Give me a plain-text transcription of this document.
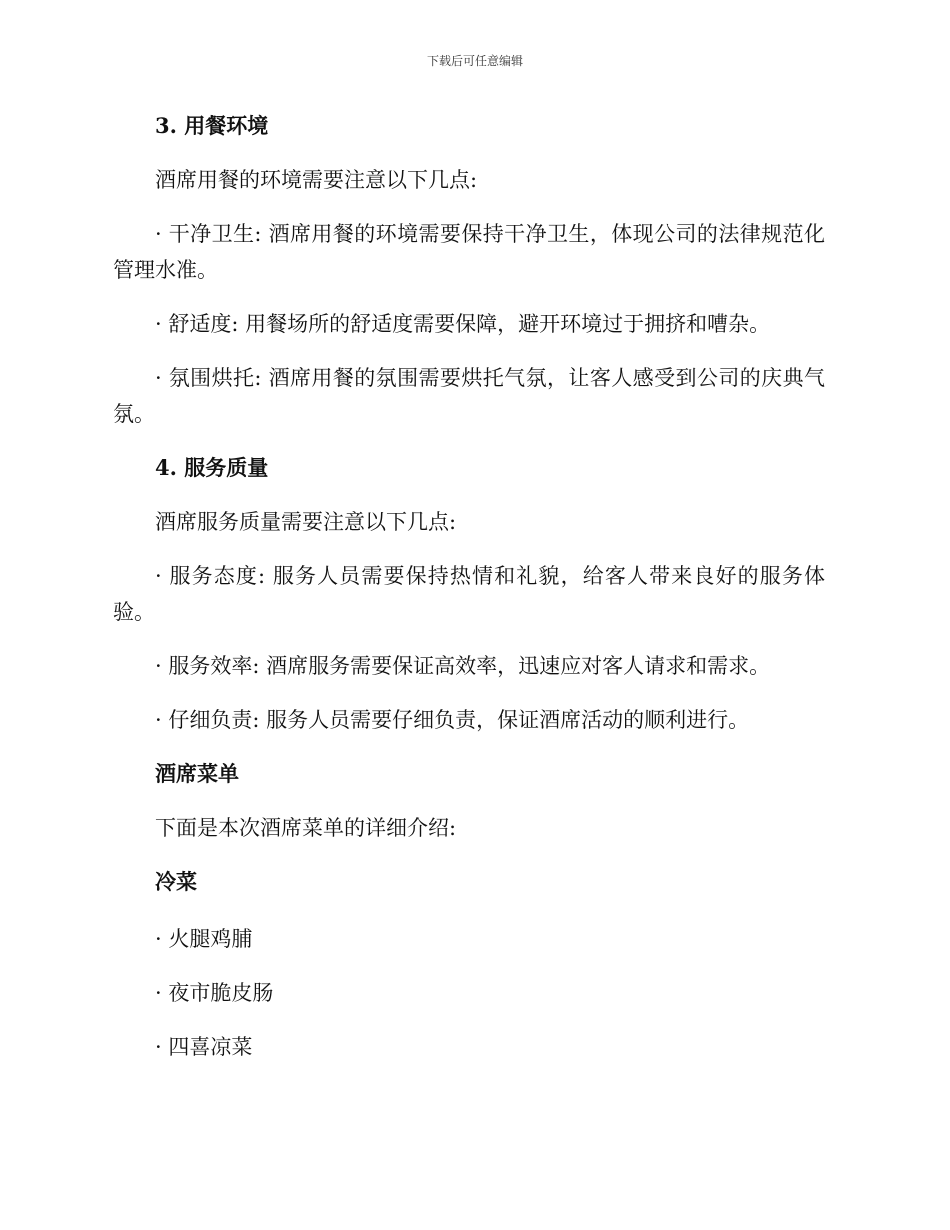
下载后可任意编辑
3. 用餐环境
酒席用餐的环境需要注意以下几点:
· 干净卫生: 酒席用餐的环境需要保持干净卫生，体现公司的法律规范化管理水准。
· 舒适度: 用餐场所的舒适度需要保障，避开环境过于拥挤和嘈杂。
· 氛围烘托: 酒席用餐的氛围需要烘托气氛，让客人感受到公司的庆典气氛。
4. 服务质量
酒席服务质量需要注意以下几点:
· 服务态度: 服务人员需要保持热情和礼貌，给客人带来良好的服务体验。
· 服务效率: 酒席服务需要保证高效率，迅速应对客人请求和需求。
· 仔细负责: 服务人员需要仔细负责，保证酒席活动的顺利进行。
酒席菜单
下面是本次酒席菜单的详细介绍:
冷菜
· 火腿鸡脯
· 夜市脆皮肠
· 四喜凉菜
